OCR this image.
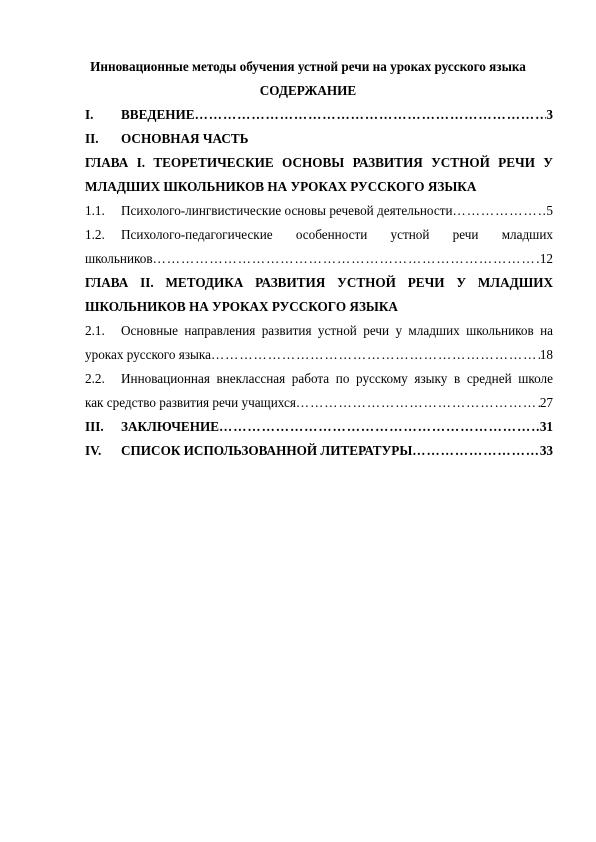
Инновационные методы обучения устной речи на уроках русского языка
СОДЕРЖАНИЕ
I. ВВЕДЕНИЕ ………………………………………………………………………………………………………………………………………………………………………………	3
II. ОСНОВНАЯ ЧАСТЬ
ГЛАВА I. ТЕОРЕТИЧЕСКИЕ ОСНОВЫ РАЗВИТИЯ УСТНОЙ РЕЧИ У
МЛАДШИХ ШКОЛЬНИКОВ НА УРОКАХ РУССКОГО ЯЗЫКА
1.1. Психолого-лингвистические основы речевой деятельности ………………………………………………………………………………………………………………………………………………………………………………	5
1.2. Психолого-педагогические особенности устной речи младших
школьников ………………………………………………………………………………………………………………………………………………………………………………	12
ГЛАВА II. МЕТОДИКА РАЗВИТИЯ УСТНОЙ РЕЧИ У МЛАДШИХ
ШКОЛЬНИКОВ НА УРОКАХ РУССКОГО ЯЗЫКА
2.1. Основные направления развития устной речи у младших школьников на
уроках русского языка ………………………………………………………………………………………………………………………………………………………………………………	18
2.2. Инновационная внеклассная работа по русскому языку в средней школе
как средство развития речи учащихся ………………………………………………………………………………………………………………………………………………………………………………	27
III. ЗАКЛЮЧЕНИЕ ………………………………………………………………………………………………………………………………………………………………………………	31
IV. СПИСОК ИСПОЛЬЗОВАННОЙ ЛИТЕРАТУРЫ ………………………………………………………………………………………………………………………………………………………………………………	33
